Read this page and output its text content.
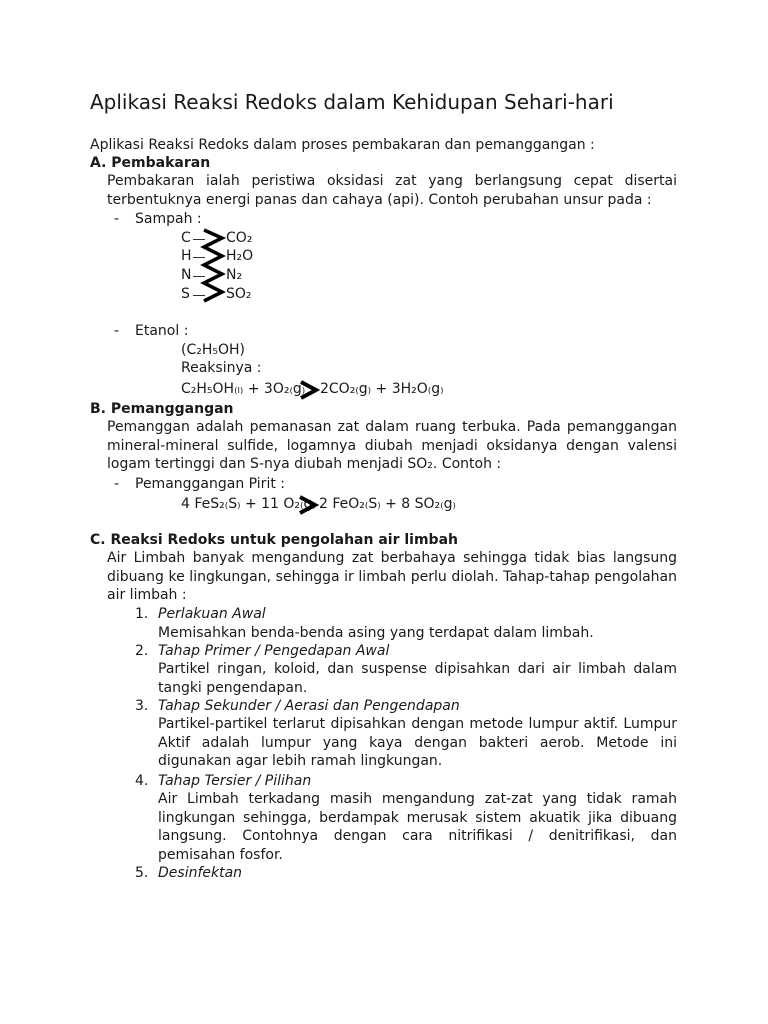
Aplikasi Reaksi Redoks dalam Kehidupan Sehari-hari
Aplikasi Reaksi Redoks dalam proses pembakaran dan pemanggangan :
A. Pembakaran
Pembakaran ialah peristiwa oksidasi zat yang berlangsung cepat disertai terbentuknya energi panas dan cahaya (api). Contoh perubahan unsur pada :
- Sampah :
C	CO₂
H H₂O
N N₂
S	SO₂
- Etanol :
(C₂H₅OH)
Reaksinya :
C₂H₅OH₍ₗ₎ + 3O₂₍g₎ 2CO₂₍g₎ + 3H₂O₍g₎
B. Pemanggangan
Pemanggan adalah pemanasan zat dalam ruang terbuka. Pada pemanggangan mineral-mineral sulfide, logamnya diubah menjadi oksidanya dengan valensi logam tertinggi dan S-nya diubah menjadi SO₂. Contoh :
- Pemanggangan Pirit :
4 FeS₂₍S₎ + 11 O₂₍g₎ 2 FeO₂₍S₎ + 8 SO₂₍g₎
C. Reaksi Redoks untuk pengolahan air limbah
Air Limbah banyak mengandung zat berbahaya sehingga tidak bias langsung dibuang ke lingkungan, sehingga ir limbah perlu diolah. Tahap-tahap pengolahan air limbah :
1. Perlakuan Awal
Memisahkan benda-benda asing yang terdapat dalam limbah.
2. Tahap Primer / Pengedapan Awal
Partikel ringan, koloid, dan suspense dipisahkan dari air limbah dalam tangki pengendapan.
3. Tahap Sekunder / Aerasi dan Pengendapan
Partikel-partikel terlarut dipisahkan dengan metode lumpur aktif. Lumpur Aktif adalah lumpur yang kaya dengan bakteri aerob. Metode ini digunakan agar lebih ramah lingkungan.
4. Tahap Tersier / Pilihan
Air Limbah terkadang masih mengandung zat-zat yang tidak ramah lingkungan sehingga, berdampak merusak sistem akuatik jika dibuang langsung. Contohnya dengan cara nitrifikasi / denitrifikasi, dan pemisahan fosfor.
5. Desinfektan
